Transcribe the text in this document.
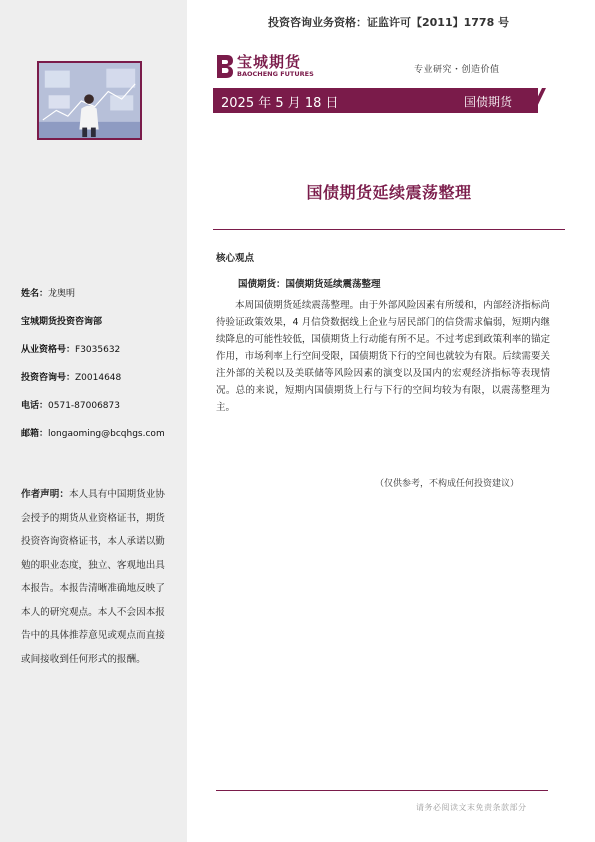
姓名：龙奥明
宝城期货投资咨询部
从业资格号：F3035632
投资咨询号：Z0014648
电话：0571-87006873
邮箱：longaoming@bcqhgs.com
作者声明：本人具有中国期货业协会授予的期货从业资格证书，期货投资咨询资格证书，本人承诺以勤勉的职业态度，独立、客观地出具本报告。本报告清晰准确地反映了本人的研究观点。本人不会因本报告中的具体推荐意见或观点而直接或间接收到任何形式的报酬。
投资咨询业务资格：证监许可【2011】1778 号
宝城期货
BAOCHENG FUTURES	专业研究・创造价值
2025 年 5 月 18 日	国债期货
国债期货延续震荡整理
核心观点
国债期货：国债期货延续震荡整理

本周国债期货延续震荡整理。由于外部风险因素有所缓和，内部经济指标尚待验证政策效果，4 月信贷数据线上企业与居民部门的信贷需求偏弱，短期内继续降息的可能性较低，国债期货上行动能有所不足。不过考虑到政策利率的锚定作用，市场利率上行空间受限，国债期货下行的空间也就较为有限。后续需要关注外部的关税以及美联储等风险因素的演变以及国内的宏观经济指标等表现情况。总的来说，短期内国债期货上行与下行的空间均较为有限，以震荡整理为主。

（仅供参考，不构成任何投资建议）
请务必阅读文末免责条款部分
